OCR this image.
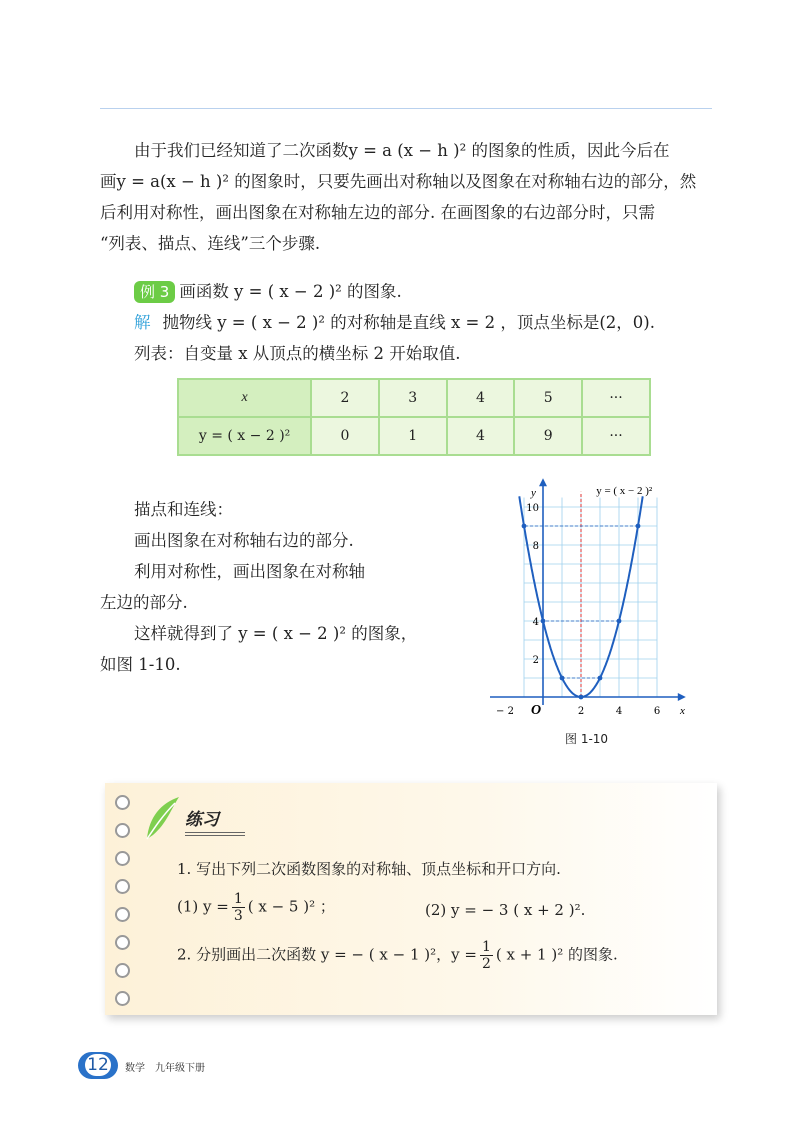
由于我们已经知道了二次函数y = a (x − h )² 的图象的性质，因此今后在
画y = a(x − h )² 的图象时，只要先画出对称轴以及图象在对称轴右边的部分，然
后利用对称性，画出图象在对称轴左边的部分. 在画图象的右边部分时，只需
“列表、描点、连线”三个步骤.
例 3 画函数 y = ( x − 2 )² 的图象.
解 抛物线 y = ( x − 2 )² 的对称轴是直线 x = 2 ，顶点坐标是(2，0).
列表：自变量 x 从顶点的横坐标 2 开始取值.
x	2	3	4	5	···
y = ( x − 2 )²	0	1	4	9	···
描点和连线：
画出图象在对称轴右边的部分.
利用对称性，画出图象在对称轴
左边的部分.
这样就得到了 y = ( x − 2 )² 的图象，
如图 1-10.
x
y
O
− 2	2	4	6
2
4
8
10
y = ( x − 2 )²
图 1-10
练习
1. 写出下列二次函数图象的对称轴、顶点坐标和开口方向.
(1) $y = \frac{1}{3}$ ( x − 5 )² ；	(2) y = − 3 ( x + 2 )².
2. 分别画出二次函数 y = − ( x − 1 )²，$y = \frac{1}{2}$ ( x + 1 )² 的图象.
12	数学　九年级下册
